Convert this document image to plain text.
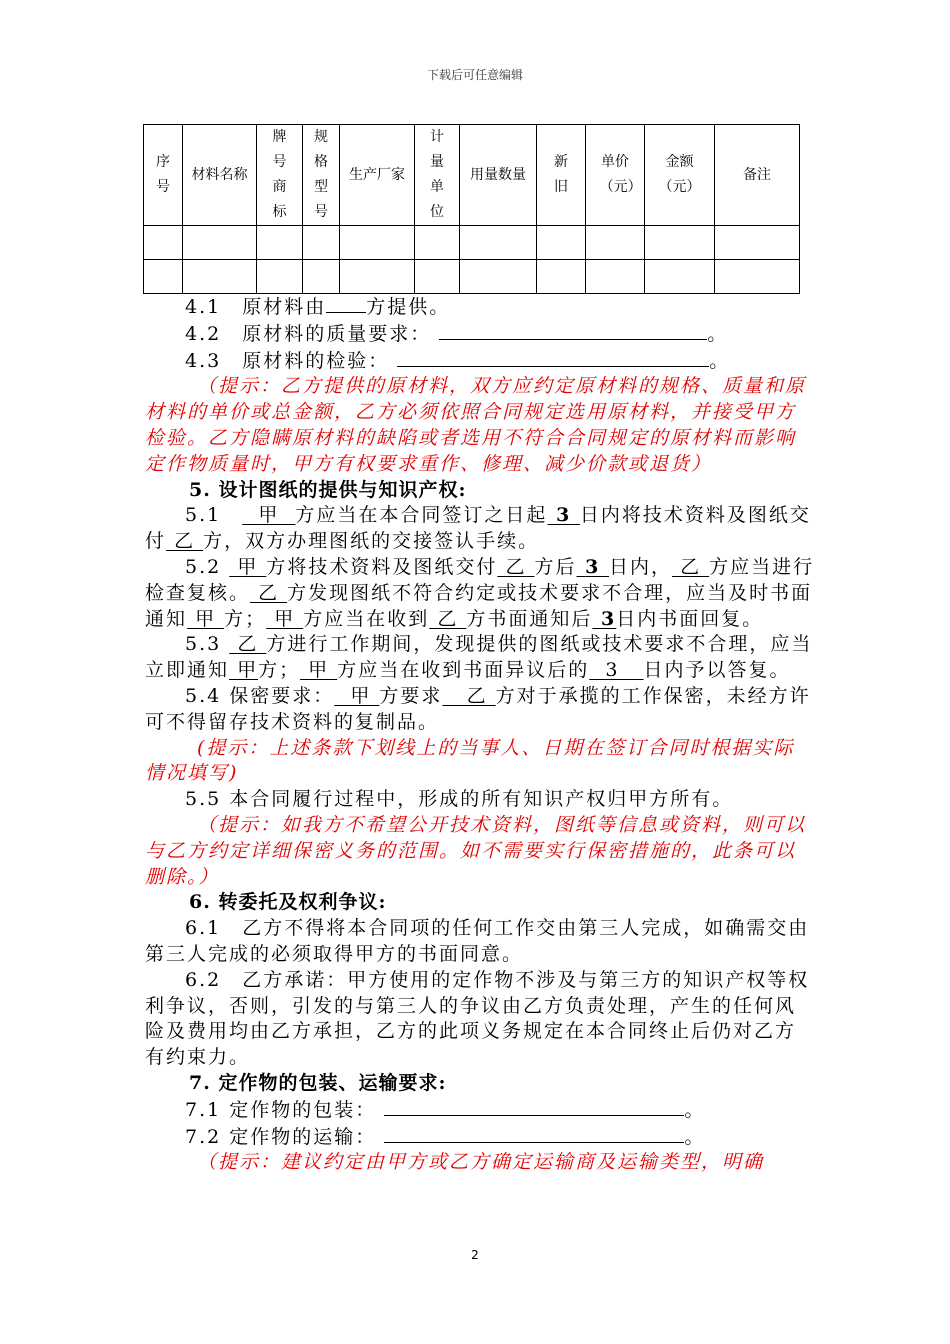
下载后可任意编辑
序号	材料名称	牌号商标	规格型号	生产厂家	计量单位	用量数量	新旧	单价（元）	金额（元）	备注

4.1　原材料由 方提供。

4.2　原材料的质量要求：	。

4.3　原材料的检验：	。

（提示：乙方提供的原材料，双方应约定原材料的规格、质量和原材料的单价或总金额，乙方必须依照合同规定选用原材料，并接受甲方检验。乙方隐瞒原材料的缺陷或者选用不符合合同规定的原材料而影响定作物质量时，甲方有权要求重作、修理、减少价款或退货）

5. 设计图纸的提供与知识产权:

5.1　  甲 方应当在本合同签订之日起 3 日内将技术资料及图纸交付 乙 方，双方办理图纸的交接签认手续。

5.2  甲 方将技术资料及图纸交付 乙 方后 3 日内， 乙 方应当进行检查复核。 乙 方发现图纸不符合约定或技术要求不合理，应当及时书面通知 甲 方； 甲 方应当在收到 乙 方书面通知后 3日内书面回复。

5.3  乙 方进行工作期间，发现提供的图纸或技术要求不合理，应当立即通知 甲方； 甲 方应当在收到书面异议后的 3 日内予以答复。

5.4 保密要求： 甲 方要求 乙 方对于承揽的工作保密，未经方许可不得留存技术资料的复制品。

(提示：上述条款下划线上的当事人、日期在签订合同时根据实际情况填写)

5.5 本合同履行过程中，形成的所有知识产权归甲方所有。

（提示：如我方不希望公开技术资料，图纸等信息或资料，则可以与乙方约定详细保密义务的范围。如不需要实行保密措施的，此条可以删除。）

6. 转委托及权利争议:

6.1　乙方不得将本合同项的任何工作交由第三人完成，如确需交由第三人完成的必须取得甲方的书面同意。

6.2　乙方承诺：甲方使用的定作物不涉及与第三方的知识产权等权利争议，否则，引发的与第三人的争议由乙方负责处理，产生的任何风险及费用均由乙方承担，乙方的此项义务规定在本合同终止后仍对乙方有约束力。

7. 定作物的包装、运输要求:

7.1 定作物的包装：	。

7.2 定作物的运输：	。

（提示：建议约定由甲方或乙方确定运输商及运输类型，明确

2
